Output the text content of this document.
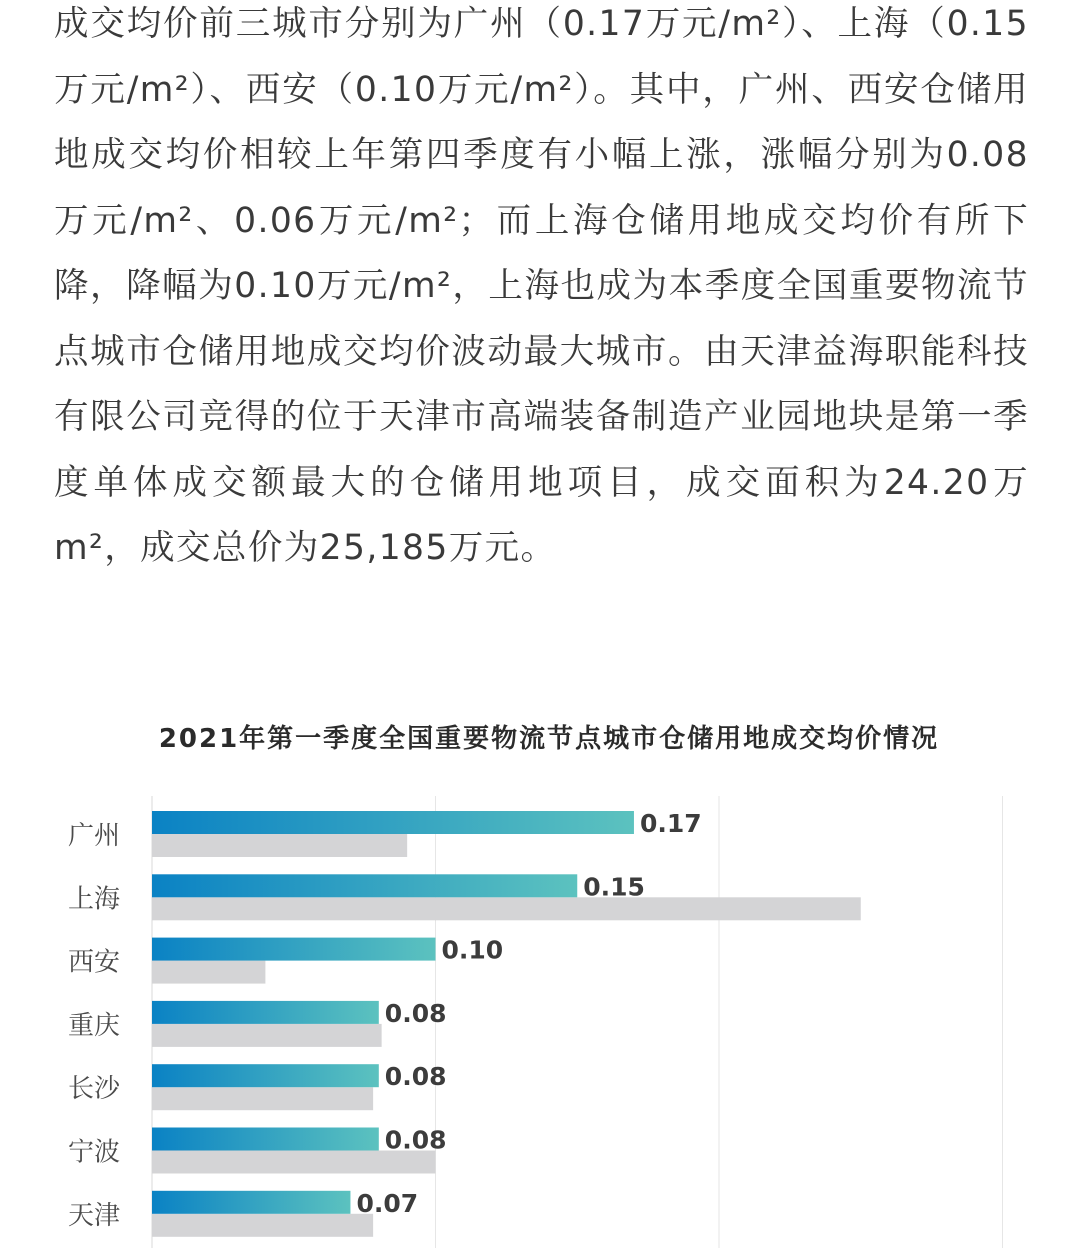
成交均价前三城市分别为广州（0.17万元/m²）、上海（0.15万元/m²）、西安（0.10万元/m²）。其中，广州、西安仓储用地成交均价相较上年第四季度有小幅上涨，涨幅分别为0.08万元/m²、0.06万元/m²；而上海仓储用地成交均价有所下降，降幅为0.10万元/m²，上海也成为本季度全国重要物流节点城市仓储用地成交均价波动最大城市。由天津益海职能科技有限公司竞得的位于天津市高端装备制造产业园地块是第一季度单体成交额最大的仓储用地项目，成交面积为24.20万m²，成交总价为25,185万元。

2021年第一季度全国重要物流节点城市仓储用地成交均价情况
广州	0.17
上海	0.15
西安	0.10
重庆	0.08
长沙	0.08
宁波	0.08
天津	0.07
